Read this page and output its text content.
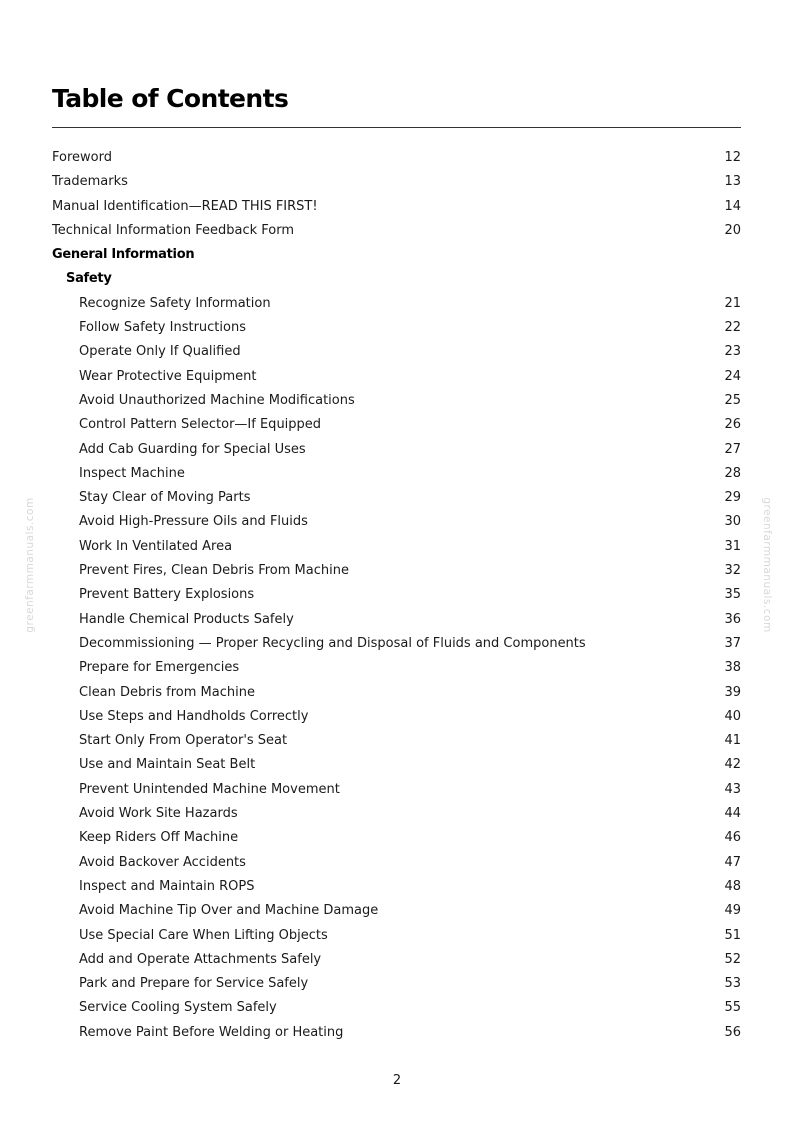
Table of Contents
Foreword	12
Trademarks	13
Manual Identification—READ THIS FIRST!	14
Technical Information Feedback Form	20
General Information
Safety
Recognize Safety Information	21
Follow Safety Instructions	22
Operate Only If Qualified	23
Wear Protective Equipment	24
Avoid Unauthorized Machine Modifications	25
Control Pattern Selector—If Equipped	26
Add Cab Guarding for Special Uses	27
Inspect Machine	28
Stay Clear of Moving Parts	29
Avoid High-Pressure Oils and Fluids	30
Work In Ventilated Area	31
Prevent Fires, Clean Debris From Machine	32
Prevent Battery Explosions	35
Handle Chemical Products Safely	36
Decommissioning — Proper Recycling and Disposal of Fluids and Components	37
Prepare for Emergencies	38
Clean Debris from Machine	39
Use Steps and Handholds Correctly	40
Start Only From Operator's Seat	41
Use and Maintain Seat Belt	42
Prevent Unintended Machine Movement	43
Avoid Work Site Hazards	44
Keep Riders Off Machine	46
Avoid Backover Accidents	47
Inspect and Maintain ROPS	48
Avoid Machine Tip Over and Machine Damage	49
Use Special Care When Lifting Objects	51
Add and Operate Attachments Safely	52
Park and Prepare for Service Safely	53
Service Cooling System Safely	55
Remove Paint Before Welding or Heating	56
2
greenfarmmanuals.com	greenfarmmanuals.com
